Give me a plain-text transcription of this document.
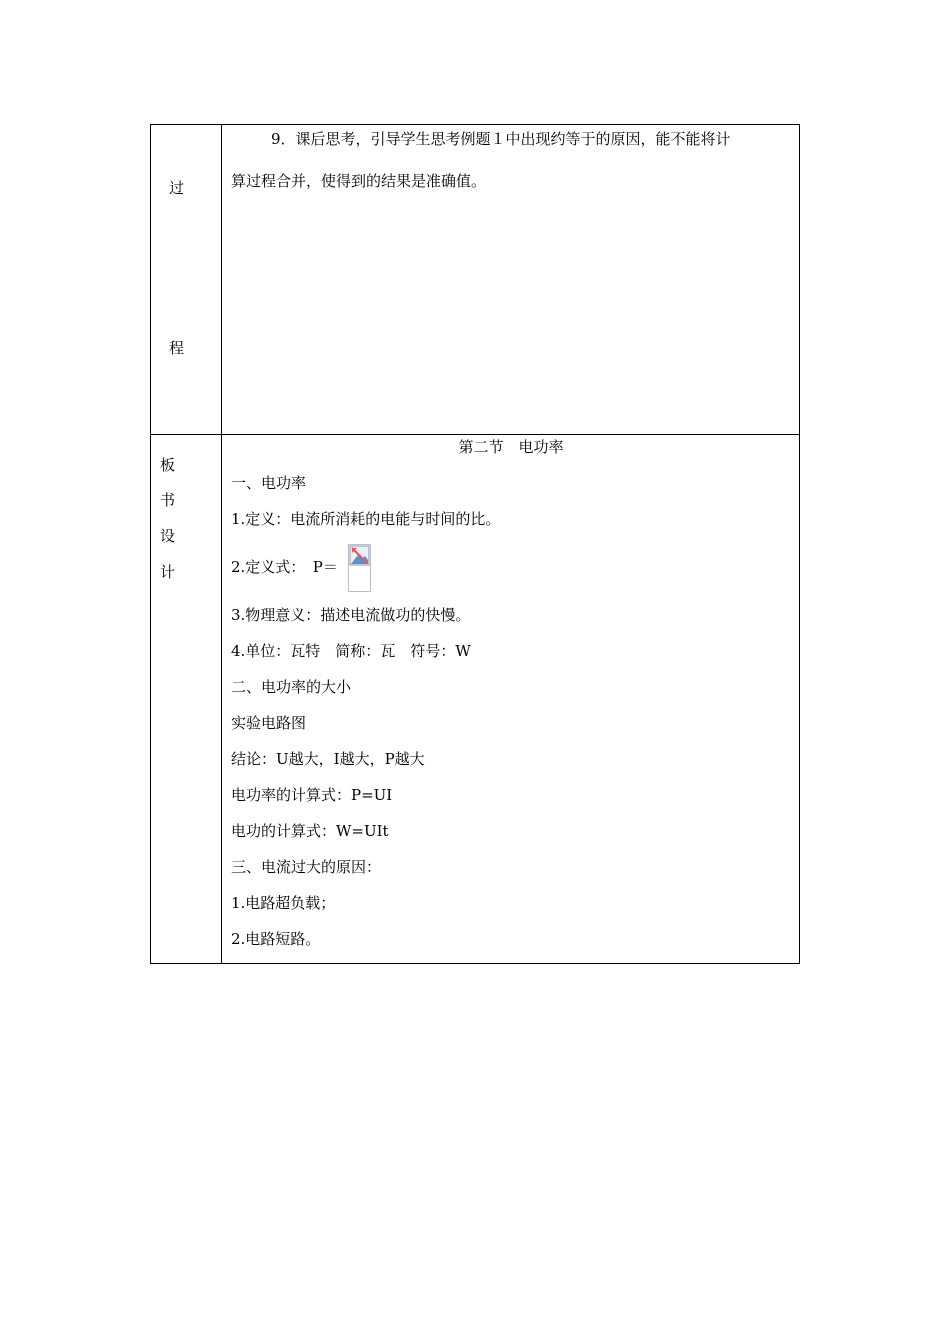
过
程
9．课后思考，引导学生思考例题１中出现约等于的原因，能不能将计
算过程合并，使得到的结果是准确值。
板
书
设
计
第二节　电功率
一、电功率
1.定义：电流所消耗的电能与时间的比。
2.定义式：　P＝
3.物理意义：描述电流做功的快慢。
4.单位：瓦特　简称：瓦　符号：W
二、电功率的大小
实验电路图
结论：U越大，I越大，P越大
电功率的计算式：P=UI
电功的计算式：W=UIt
三、电流过大的原因：
1.电路超负载；
2.电路短路。
